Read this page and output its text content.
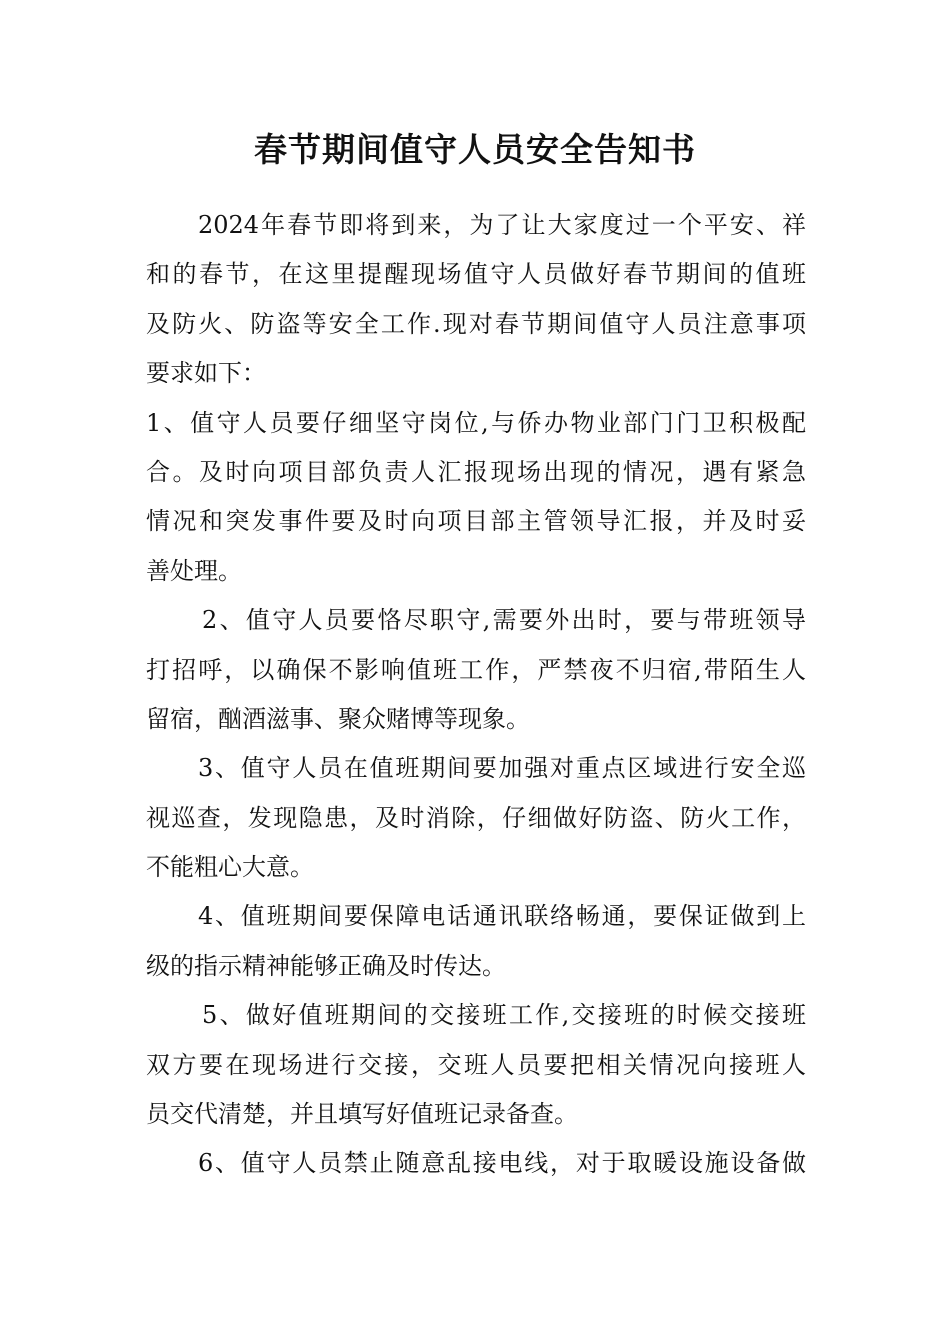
春节期间值守人员安全告知书
2024年春节即将到来，为了让大家度过一个平安、祥
和的春节，在这里提醒现场值守人员做好春节期间的值班
及防火、防盗等安全工作.现对春节期间值守人员注意事项
要求如下：
1、值守人员要仔细坚守岗位,与侨办物业部门门卫积极配
合。及时向项目部负责人汇报现场出现的情况，遇有紧急
情况和突发事件要及时向项目部主管领导汇报，并及时妥
善处理。
2、值守人员要恪尽职守,需要外出时，要与带班领导
打招呼，以确保不影响值班工作，严禁夜不归宿,带陌生人
留宿，酗酒滋事、聚众赌博等现象。
3、值守人员在值班期间要加强对重点区域进行安全巡
视巡查，发现隐患，及时消除，仔细做好防盗、防火工作，
不能粗心大意。
4、值班期间要保障电话通讯联络畅通，要保证做到上
级的指示精神能够正确及时传达。
5、做好值班期间的交接班工作,交接班的时候交接班
双方要在现场进行交接，交班人员要把相关情况向接班人
员交代清楚，并且填写好值班记录备查。
6、值守人员禁止随意乱接电线，对于取暖设施设备做
